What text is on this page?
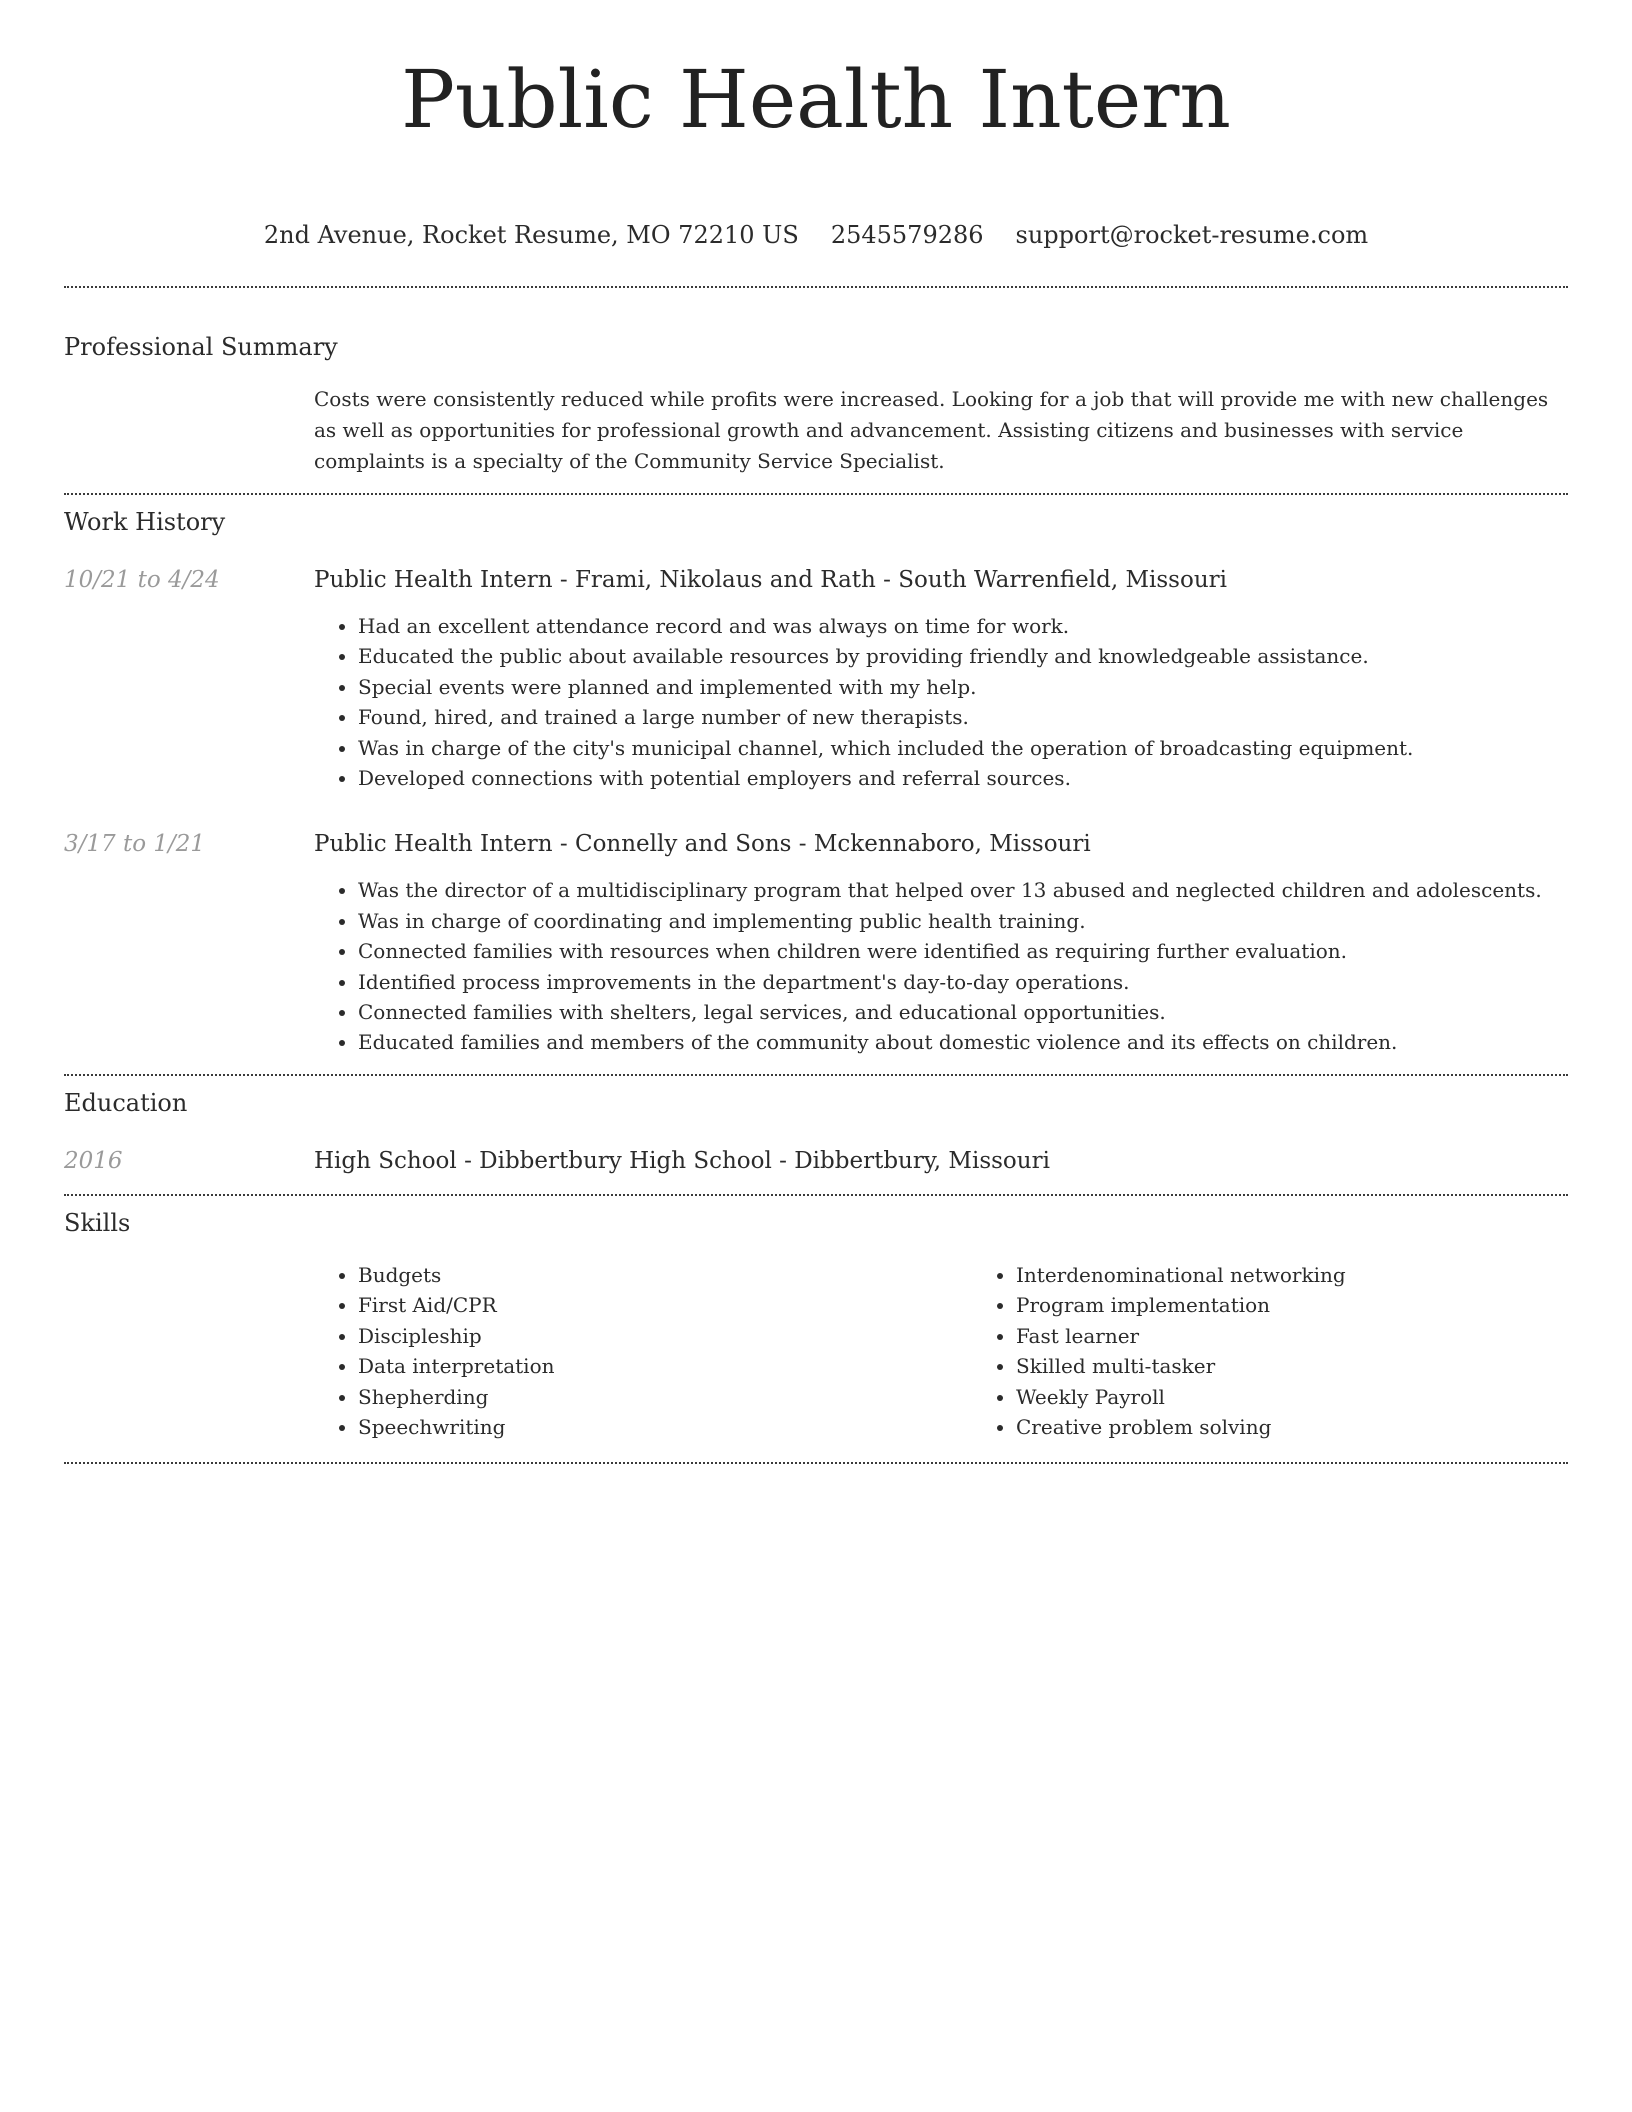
Public Health Intern
2nd Avenue, Rocket Resume, MO 72210 US 2545579286 support@rocket-resume.com
Professional Summary
Costs were consistently reduced while profits were increased. Looking for a job that will provide me with new challenges as well as opportunities for professional growth and advancement. Assisting citizens and businesses with service complaints is a specialty of the Community Service Specialist.
Work History
10/21 to 4/24	Public Health Intern - Frami, Nikolaus and Rath - South Warrenfield, Missouri
• Had an excellent attendance record and was always on time for work.
• Educated the public about available resources by providing friendly and knowledgeable assistance.
• Special events were planned and implemented with my help.
• Found, hired, and trained a large number of new therapists.
• Was in charge of the city's municipal channel, which included the operation of broadcasting equipment.
• Developed connections with potential employers and referral sources.
3/17 to 1/21	Public Health Intern - Connelly and Sons - Mckennaboro, Missouri
• Was the director of a multidisciplinary program that helped over 13 abused and neglected children and adolescents.
• Was in charge of coordinating and implementing public health training.
• Connected families with resources when children were identified as requiring further evaluation.
• Identified process improvements in the department's day-to-day operations.
• Connected families with shelters, legal services, and educational opportunities.
• Educated families and members of the community about domestic violence and its effects on children.
Education
2016	High School - Dibbertbury High School - Dibbertbury, Missouri
Skills
• Budgets
• First Aid/CPR
• Discipleship
• Data interpretation
• Shepherding
• Speechwriting
• Interdenominational networking
• Program implementation
• Fast learner
• Skilled multi-tasker
• Weekly Payroll
• Creative problem solving
